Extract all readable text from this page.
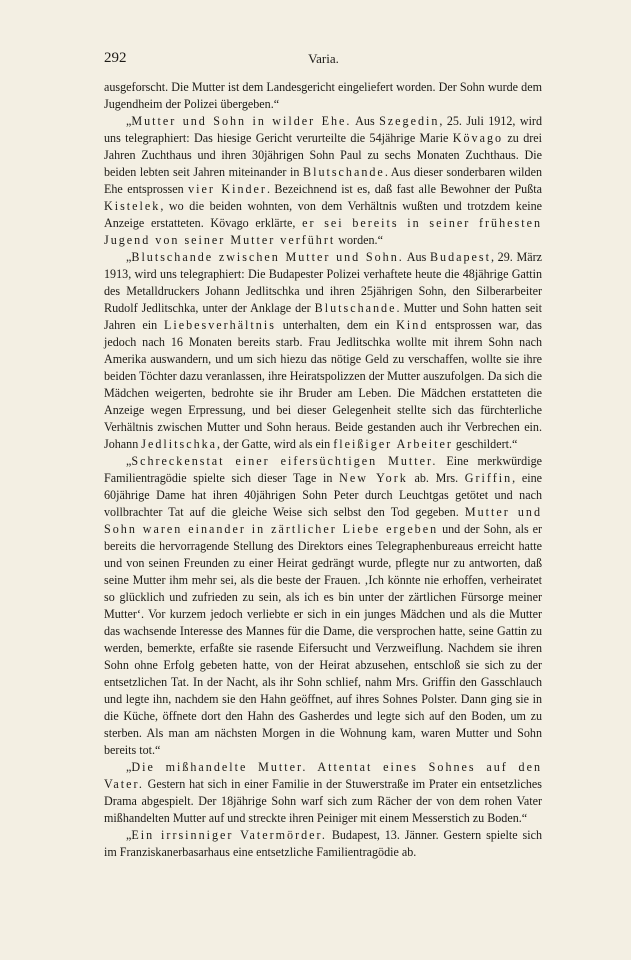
292	Varia.

ausgeforscht. Die Mutter ist dem Landesgericht eingeliefert worden. Der Sohn wurde dem Jugendheim der Polizei übergeben.“

„Mutter und Sohn in wilder Ehe. Aus Szegedin, 25. Juli 1912, wird uns telegraphiert: Das hiesige Gericht verurteilte die 54jährige Marie Kövago zu drei Jahren Zuchthaus und ihren 30jährigen Sohn Paul zu sechs Monaten Zuchthaus. Die beiden lebten seit Jahren miteinander in Blutschande. Aus dieser sonderbaren wilden Ehe entsprossen vier Kinder. Bezeichnend ist es, daß fast alle Bewohner der Pußta Kistelek, wo die beiden wohnten, von dem Verhältnis wußten und trotzdem keine Anzeige erstatteten. Kövago erklärte, er sei bereits in seiner frühesten Jugend von seiner Mutter verführt worden.“

„Blutschande zwischen Mutter und Sohn. Aus Budapest, 29. März 1913, wird uns telegraphiert: Die Budapester Polizei verhaftete heute die 48jährige Gattin des Metalldruckers Johann Jedlitschka und ihren 25jährigen Sohn, den Silberarbeiter Rudolf Jedlitschka, unter der Anklage der Blutschande. Mutter und Sohn hatten seit Jahren ein Liebesverhältnis unterhalten, dem ein Kind entsprossen war, das jedoch nach 16 Monaten bereits starb. Frau Jedlitschka wollte mit ihrem Sohn nach Amerika auswandern, und um sich hiezu das nötige Geld zu verschaffen, wollte sie ihre beiden Töchter dazu veranlassen, ihre Heiratspolizzen der Mutter auszufolgen. Da sich die Mädchen weigerten, bedrohte sie ihr Bruder am Leben. Die Mädchen erstatteten die Anzeige wegen Erpressung, und bei dieser Gelegenheit stellte sich das fürchterliche Verhältnis zwischen Mutter und Sohn heraus. Beide gestanden auch ihr Verbrechen ein. Johann Jedlitschka, der Gatte, wird als ein fleißiger Arbeiter geschildert.“

„Schreckenstat einer eifersüchtigen Mutter. Eine merkwürdige Familientragödie spielte sich dieser Tage in New York ab. Mrs. Griffin, eine 60jährige Dame hat ihren 40jährigen Sohn Peter durch Leuchtgas getötet und nach vollbrachter Tat auf die gleiche Weise sich selbst den Tod gegeben. Mutter und Sohn waren einander in zärtlicher Liebe ergeben und der Sohn, als er bereits die hervorragende Stellung des Direktors eines Telegraphenbureaus erreicht hatte und von seinen Freunden zu einer Heirat gedrängt wurde, pflegte nur zu antworten, daß seine Mutter ihm mehr sei, als die beste der Frauen. ‚Ich könnte nie erhoffen, verheiratet so glücklich und zufrieden zu sein, als ich es bin unter der zärtlichen Fürsorge meiner Mutter‘. Vor kurzem jedoch verliebte er sich in ein junges Mädchen und als die Mutter das wachsende Interesse des Mannes für die Dame, die versprochen hatte, seine Gattin zu werden, bemerkte, erfaßte sie rasende Eifersucht und Verzweiflung. Nachdem sie ihren Sohn ohne Erfolg gebeten hatte, von der Heirat abzusehen, entschloß sie sich zu der entsetzlichen Tat. In der Nacht, als ihr Sohn schlief, nahm Mrs. Griffin den Gasschlauch und legte ihn, nachdem sie den Hahn geöffnet, auf ihres Sohnes Polster. Dann ging sie in die Küche, öffnete dort den Hahn des Gasherdes und legte sich auf den Boden, um zu sterben. Als man am nächsten Morgen in die Wohnung kam, waren Mutter und Sohn bereits tot.“

„Die mißhandelte Mutter. Attentat eines Sohnes auf den Vater. Gestern hat sich in einer Familie in der Stuwerstraße im Prater ein entsetzliches Drama abgespielt. Der 18jährige Sohn warf sich zum Rächer der von dem rohen Vater mißhandelten Mutter auf und streckte ihren Peiniger mit einem Messerstich zu Boden.“

„Ein irrsinniger Vatermörder. Budapest, 13. Jänner. Gestern spielte sich im Franziskanerbasarhaus eine entsetzliche Familientragödie ab.
